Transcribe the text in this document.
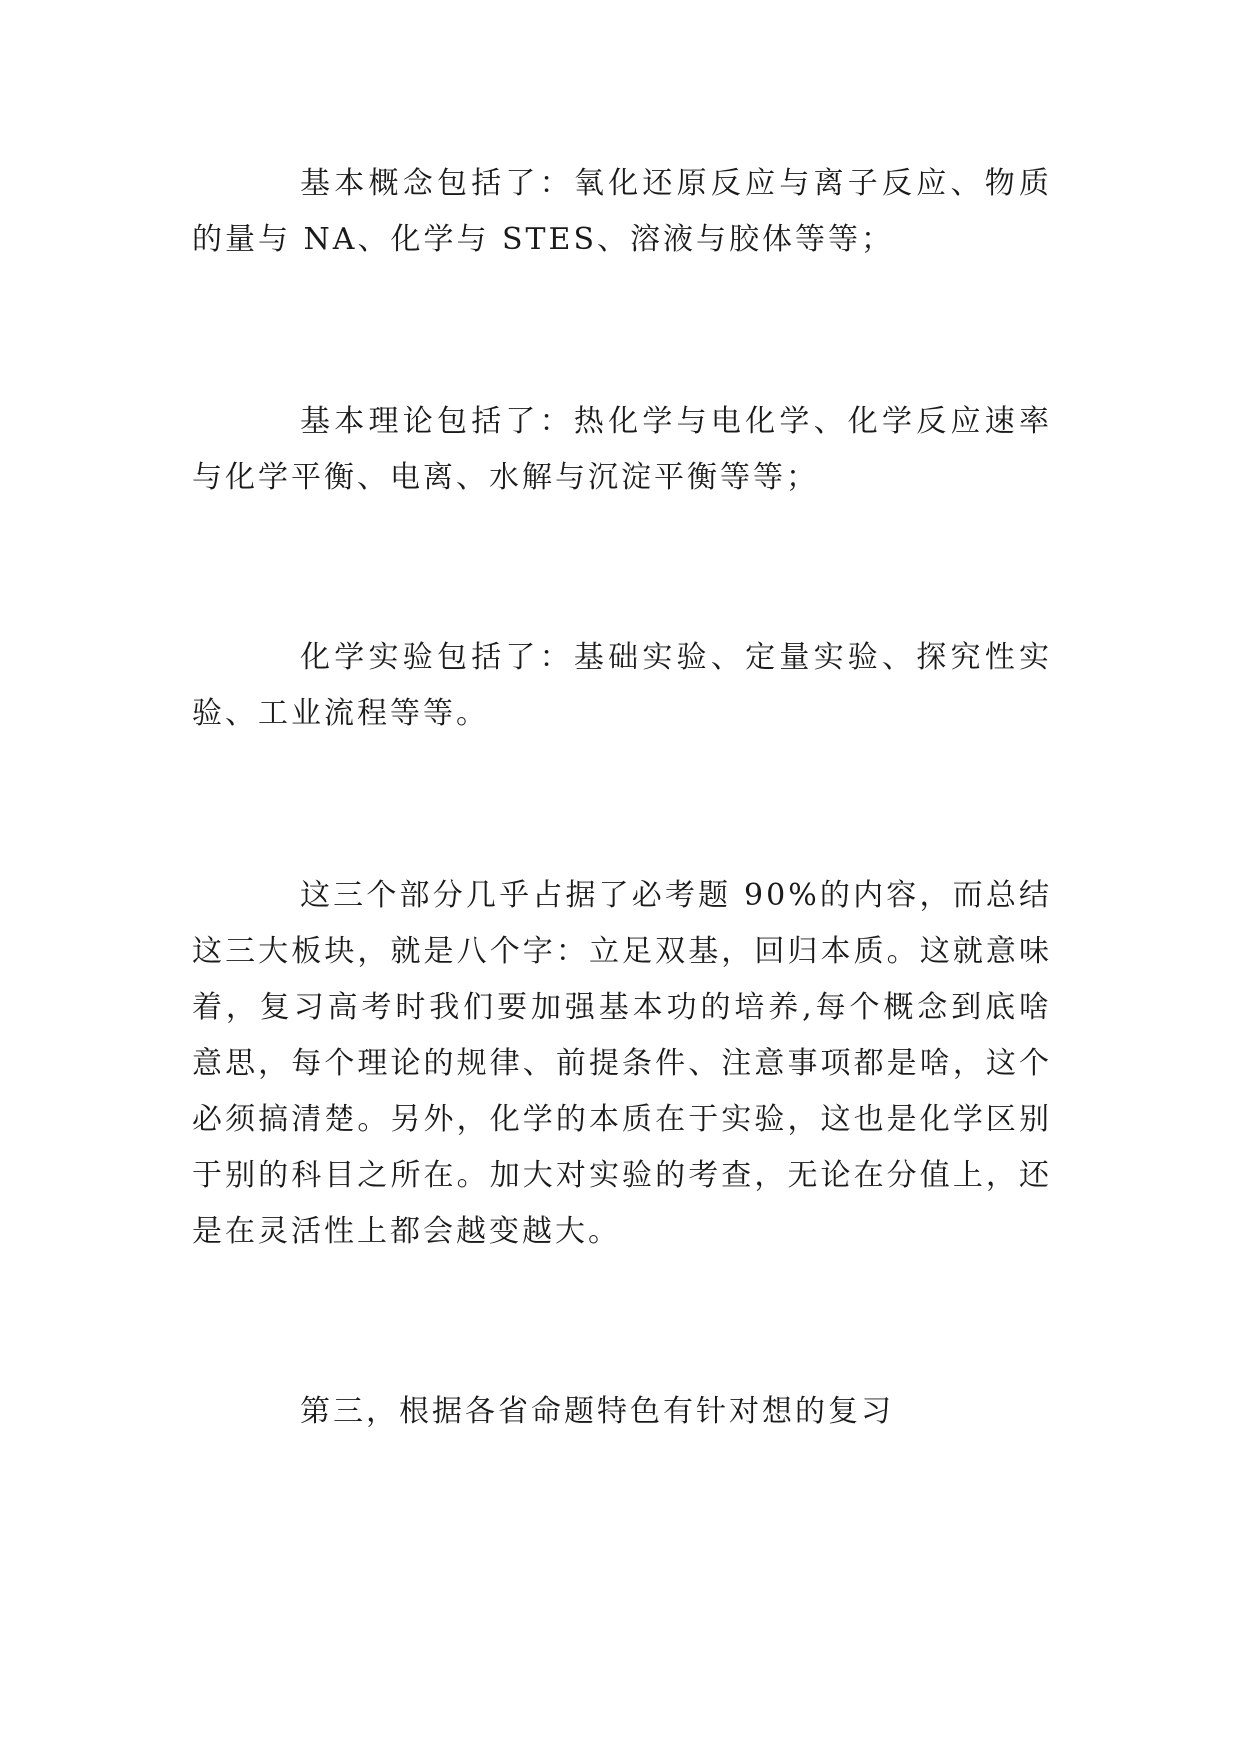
基本概念包括了：氧化还原反应与离子反应、物质的量与 NA、化学与 STES、溶液与胶体等等；

基本理论包括了：热化学与电化学、化学反应速率与化学平衡、电离、水解与沉淀平衡等等；

化学实验包括了：基础实验、定量实验、探究性实验、工业流程等等。

这三个部分几乎占据了必考题 90%的内容，而总结这三大板块，就是八个字：立足双基，回归本质。这就意味着，复习高考时我们要加强基本功的培养,每个概念到底啥意思，每个理论的规律、前提条件、注意事项都是啥，这个必须搞清楚。另外，化学的本质在于实验，这也是化学区别于别的科目之所在。加大对实验的考查，无论在分值上，还是在灵活性上都会越变越大。

第三，根据各省命题特色有针对想的复习
